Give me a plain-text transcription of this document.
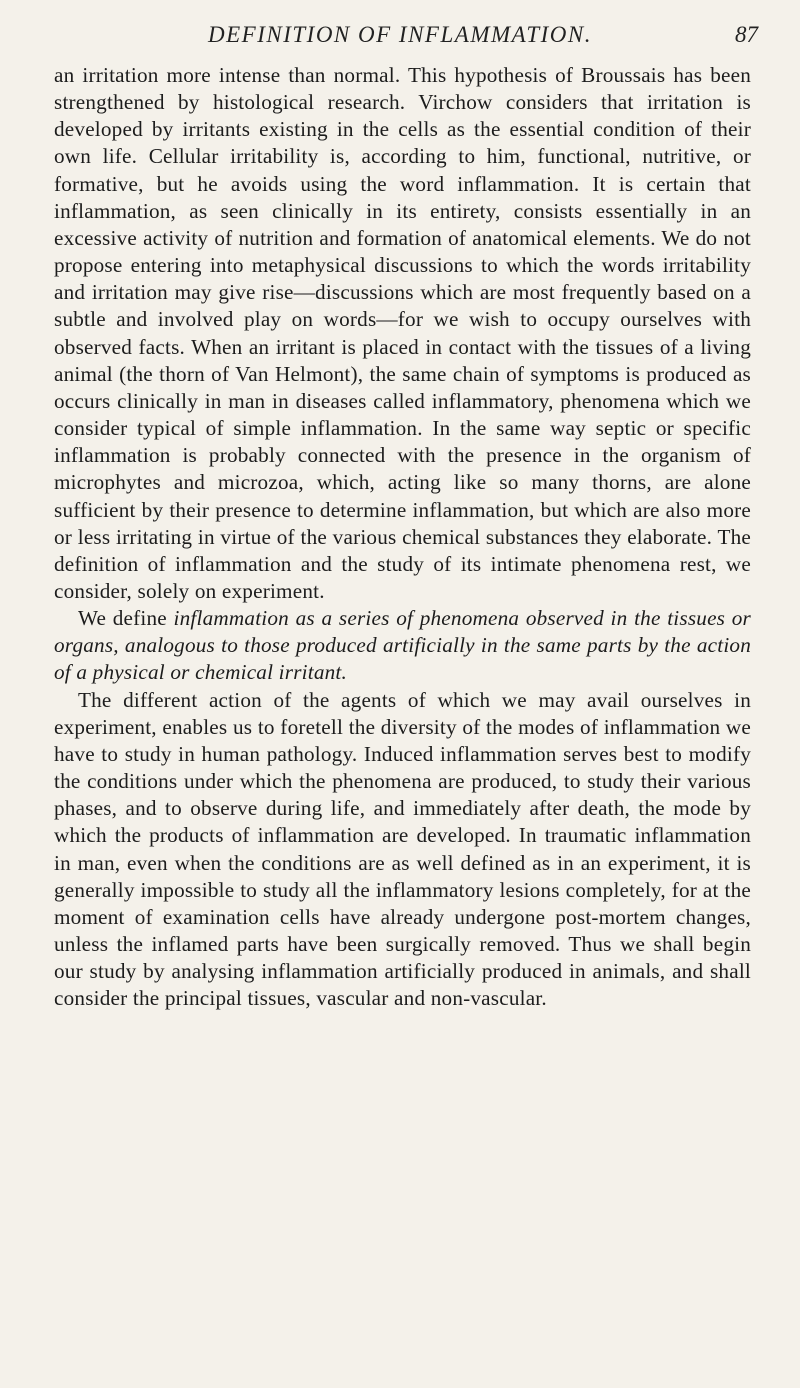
DEFINITION OF INFLAMMATION.	87

an irritation more intense than normal. This hypothesis of Broussais has been strengthened by histological research. Virchow considers that irritation is developed by irritants existing in the cells as the essential condition of their own life. Cellular irritability is, according to him, functional, nutritive, or formative, but he avoids using the word inflammation. It is certain that inflammation, as seen clinically in its entirety, consists essentially in an excessive activity of nutrition and formation of anatomical elements. We do not propose entering into metaphysical discussions to which the words irritability and irritation may give rise—discussions which are most frequently based on a subtle and involved play on words—for we wish to occupy ourselves with observed facts. When an irritant is placed in contact with the tissues of a living animal (the thorn of Van Helmont), the same chain of symptoms is produced as occurs clinically in man in diseases called inflammatory, phenomena which we consider typical of simple inflammation. In the same way septic or specific inflammation is probably connected with the presence in the organism of microphytes and microzoa, which, acting like so many thorns, are alone sufficient by their presence to determine inflammation, but which are also more or less irritating in virtue of the various chemical substances they elaborate. The definition of inflammation and the study of its intimate phenomena rest, we consider, solely on experiment.

We define inflammation as a series of phenomena observed in the tissues or organs, analogous to those produced artificially in the same parts by the action of a physical or chemical irritant.

The different action of the agents of which we may avail ourselves in experiment, enables us to foretell the diversity of the modes of inflammation we have to study in human pathology. Induced inflammation serves best to modify the conditions under which the phenomena are produced, to study their various phases, and to observe during life, and immediately after death, the mode by which the products of inflammation are developed. In traumatic inflammation in man, even when the conditions are as well defined as in an experiment, it is generally impossible to study all the inflammatory lesions completely, for at the moment of examination cells have already undergone post-mortem changes, unless the inflamed parts have been surgically removed. Thus we shall begin our study by analysing inflammation artificially produced in animals, and shall consider the principal tissues, vascular and non-vascular.
